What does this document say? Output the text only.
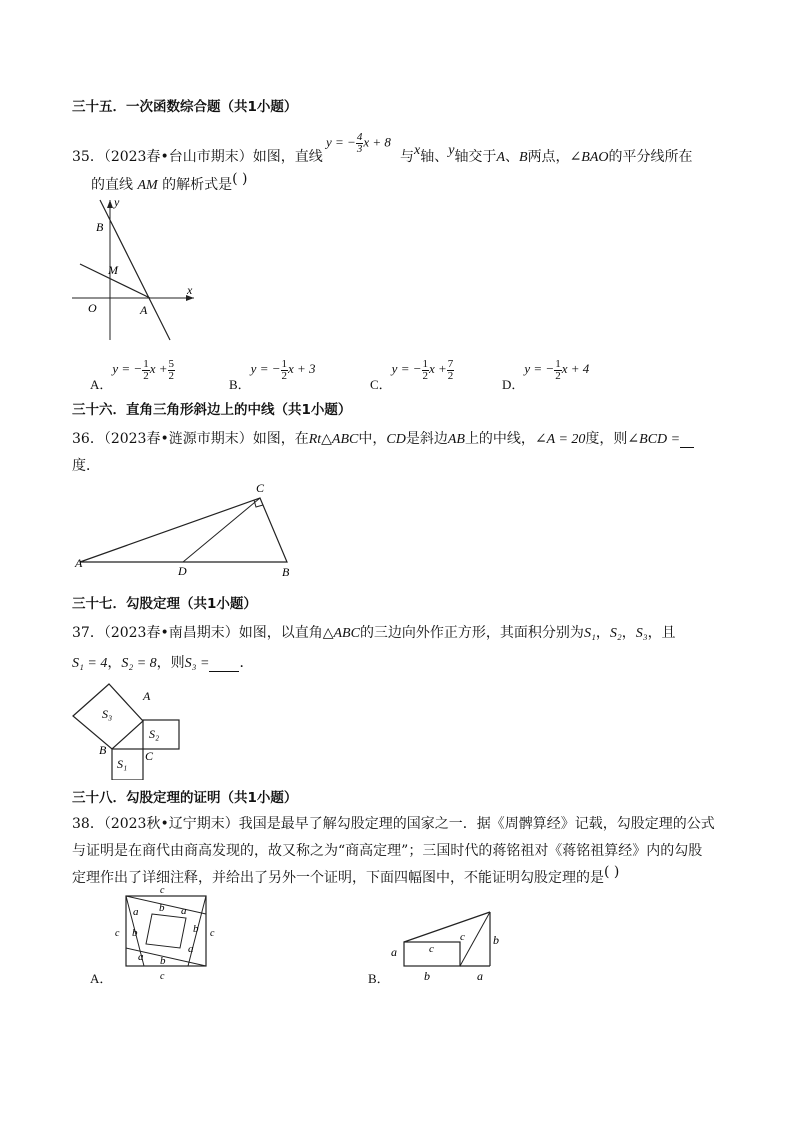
三十五．一次函数综合题（共1小题）
35．（2023春•台山市期末）如图，直线
y = − $\frac{4}{3}$ x + 8
与x轴、y轴交于A、B两点，∠BAO的平分线所在
的直线 AM 的解析式是( )
y
x
B
M
O	A
A．y = − $\frac{1}{2}$ $x + \frac{5}{2}$
B．y = − $\frac{1}{2}$ x + 3
C．y = − $\frac{1}{2}$ $x + \frac{7}{2}$
D．y = − $\frac{1}{2}$ x + 4
三十六．直角三角形斜边上的中线（共1小题）
36．（2023春•涟源市期末）如图，在Rt△ABC中，CD是斜边AB上的中线，∠A = 20度，则∠BCD =
度．
A
B
C
D
三十七．勾股定理（共1小题）
37．（2023春•南昌期末）如图，以直角△ABC的三边向外作正方形，其面积分别为S₁，S₂，S₃，且
S₁ = 4，S₂ = 8，则S₃ = ．
S₃
S₂
S₁
A
B	C
三十八．勾股定理的证明（共1小题）
38．（2023秋•辽宁期末）我国是最早了解勾股定理的国家之一．据《周髀算经》记载，勾股定理的公式
与证明是在商代由商高发现的，故又称之为“商高定理”；三国时代的蒋铭祖对《蒋铭祖算经》内的勾股
定理作出了详细注释，并给出了另外一个证明，下面四幅图中，不能证明勾股定理的是( )
c
c
c	c
a b a
b
b
a
a b
A．
a	c
c b
b	a
B．
